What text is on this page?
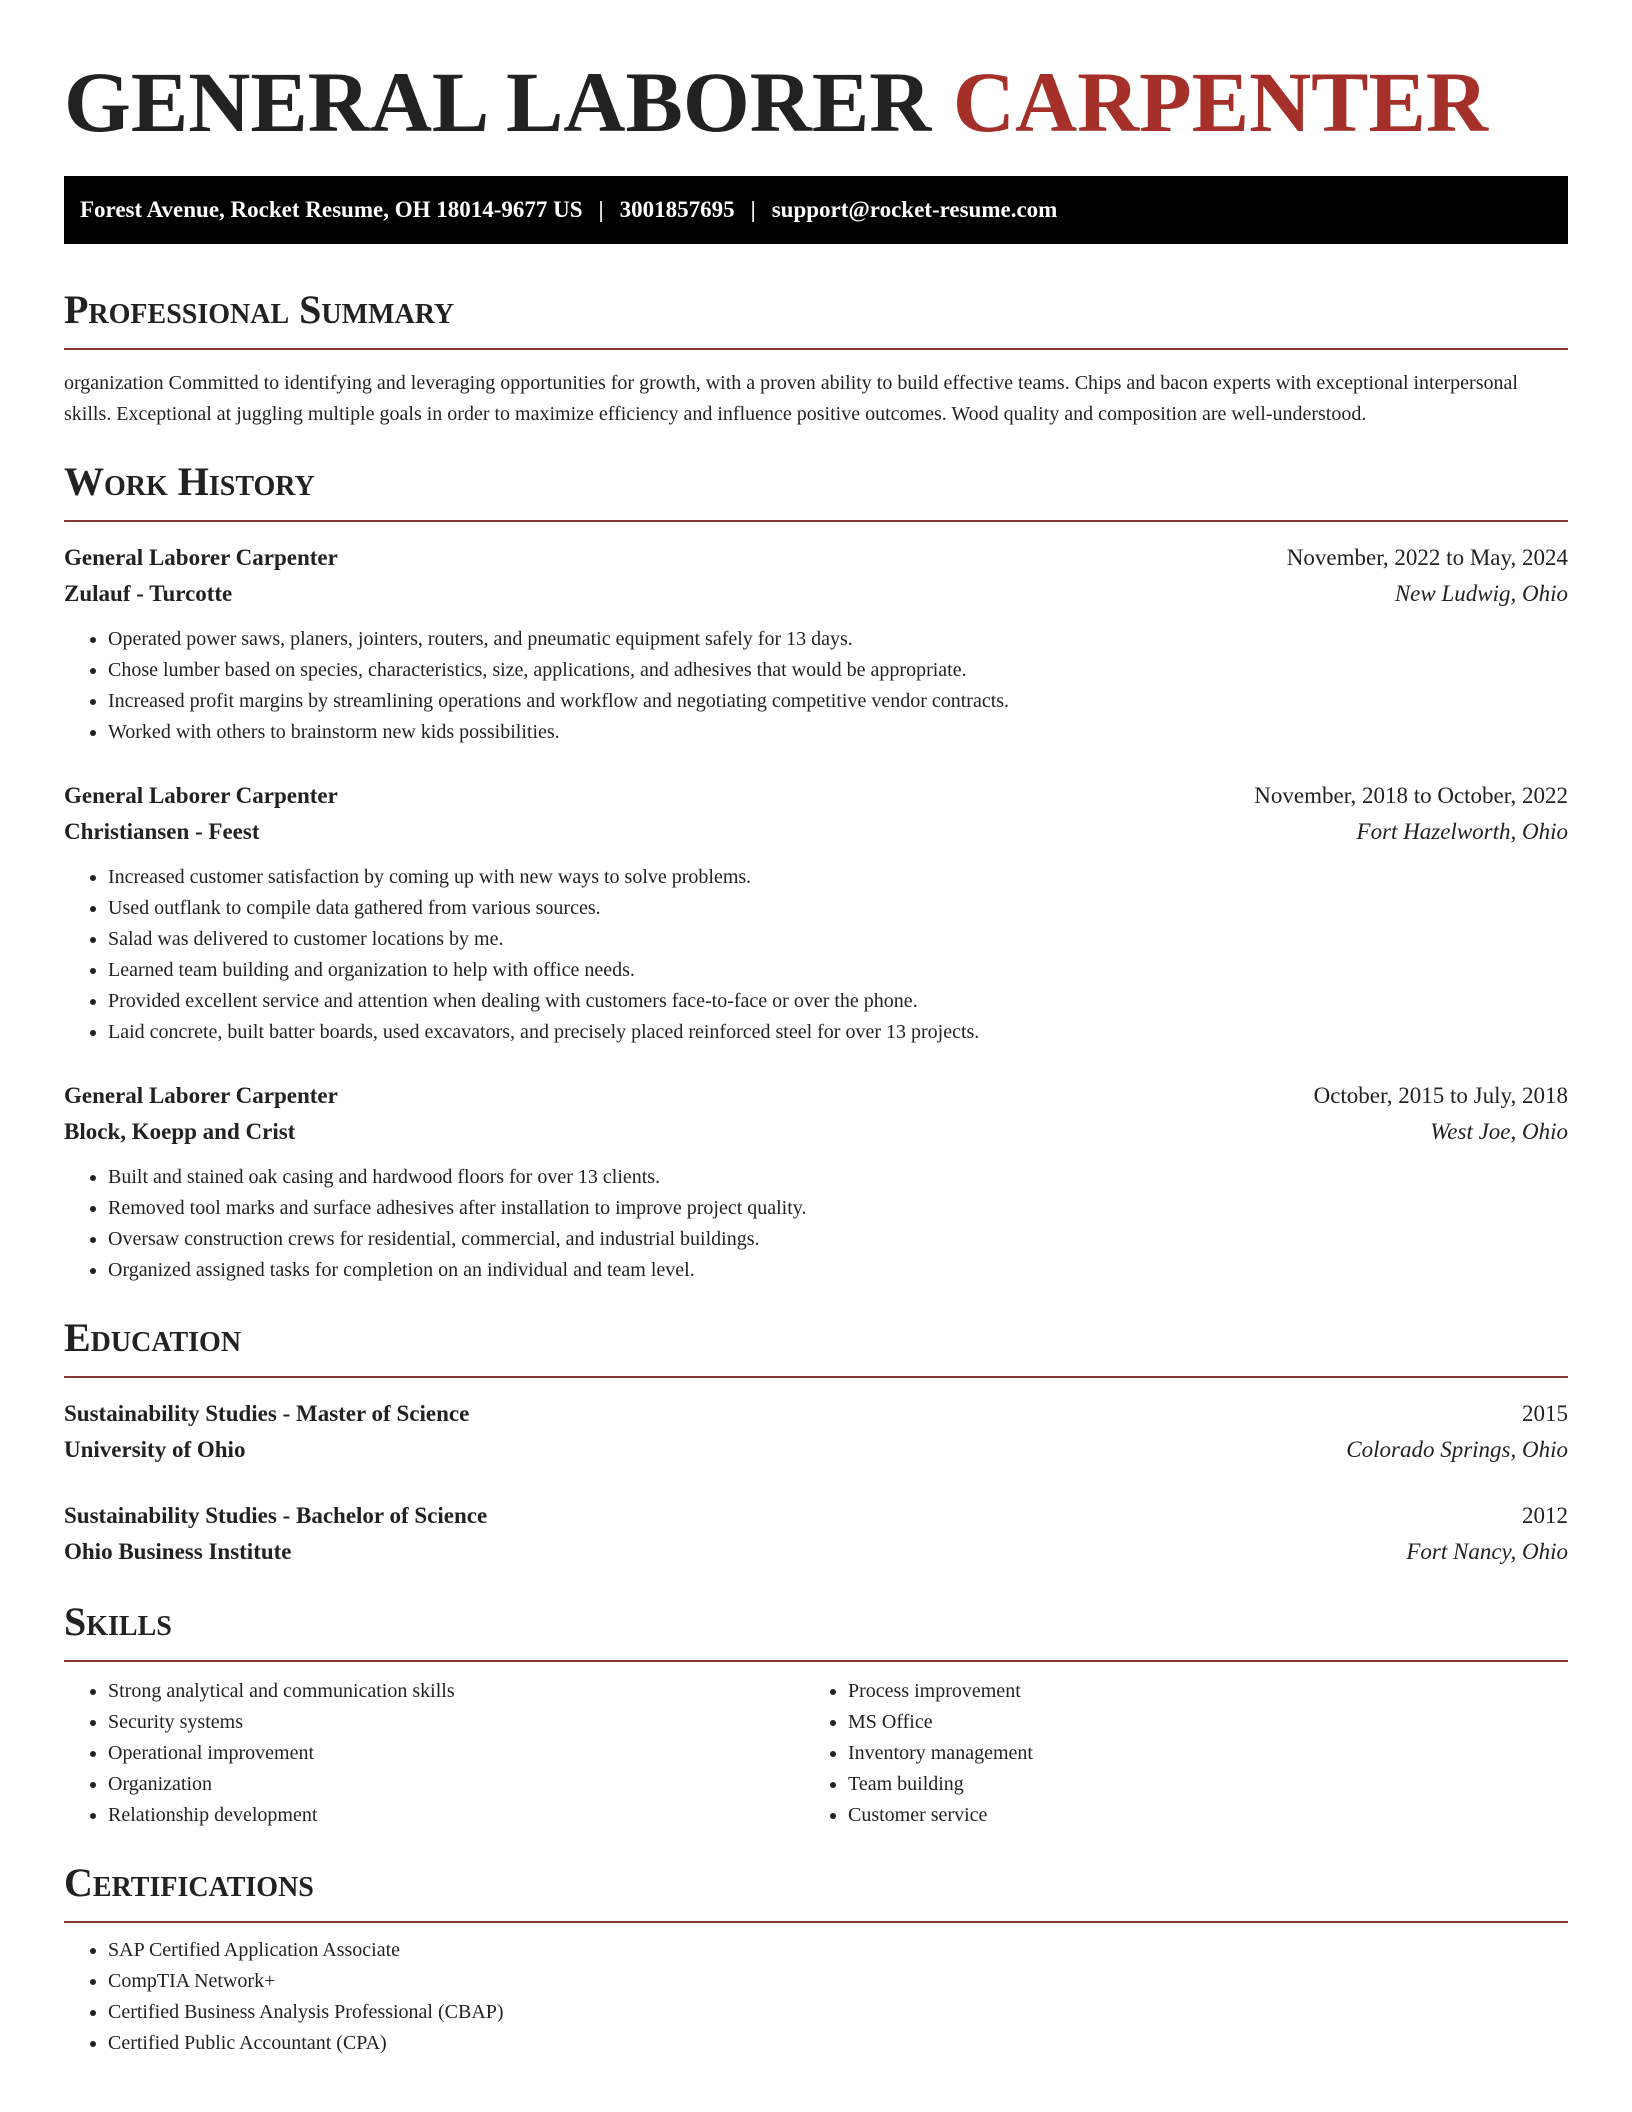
GENERAL LABORER CARPENTER
Forest Avenue, Rocket Resume, OH 18014-9677 US | 3001857695 | support@rocket-resume.com
Professional Summary

organization Committed to identifying and leveraging opportunities for growth, with a proven ability to build effective teams. Chips and bacon experts with exceptional interpersonal skills. Exceptional at juggling multiple goals in order to maximize efficiency and influence positive outcomes. Wood quality and composition are well-understood.

Work History
General Laborer Carpenter	November, 2022 to May, 2024
Zulauf - Turcotte	New Ludwig, Ohio
• Operated power saws, planers, jointers, routers, and pneumatic equipment safely for 13 days.
• Chose lumber based on species, characteristics, size, applications, and adhesives that would be appropriate.
• Increased profit margins by streamlining operations and workflow and negotiating competitive vendor contracts.
• Worked with others to brainstorm new kids possibilities.
General Laborer Carpenter	November, 2018 to October, 2022
Christiansen - Feest	Fort Hazelworth, Ohio
• Increased customer satisfaction by coming up with new ways to solve problems.
• Used outflank to compile data gathered from various sources.
• Salad was delivered to customer locations by me.
• Learned team building and organization to help with office needs.
• Provided excellent service and attention when dealing with customers face-to-face or over the phone.
• Laid concrete, built batter boards, used excavators, and precisely placed reinforced steel for over 13 projects.
General Laborer Carpenter	October, 2015 to July, 2018
Block, Koepp and Crist	West Joe, Ohio
• Built and stained oak casing and hardwood floors for over 13 clients.
• Removed tool marks and surface adhesives after installation to improve project quality.
• Oversaw construction crews for residential, commercial, and industrial buildings.
• Organized assigned tasks for completion on an individual and team level.
Education
Sustainability Studies - Master of Science	2015
University of Ohio	Colorado Springs, Ohio
Sustainability Studies - Bachelor of Science	2012
Ohio Business Institute	Fort Nancy, Ohio
Skills
• Strong analytical and communication skills
• Security systems
• Operational improvement
• Organization
• Relationship development
• Process improvement
• MS Office
• Inventory management
• Team building
• Customer service
Certifications
• SAP Certified Application Associate
• CompTIA Network+
• Certified Business Analysis Professional (CBAP)
• Certified Public Accountant (CPA)
